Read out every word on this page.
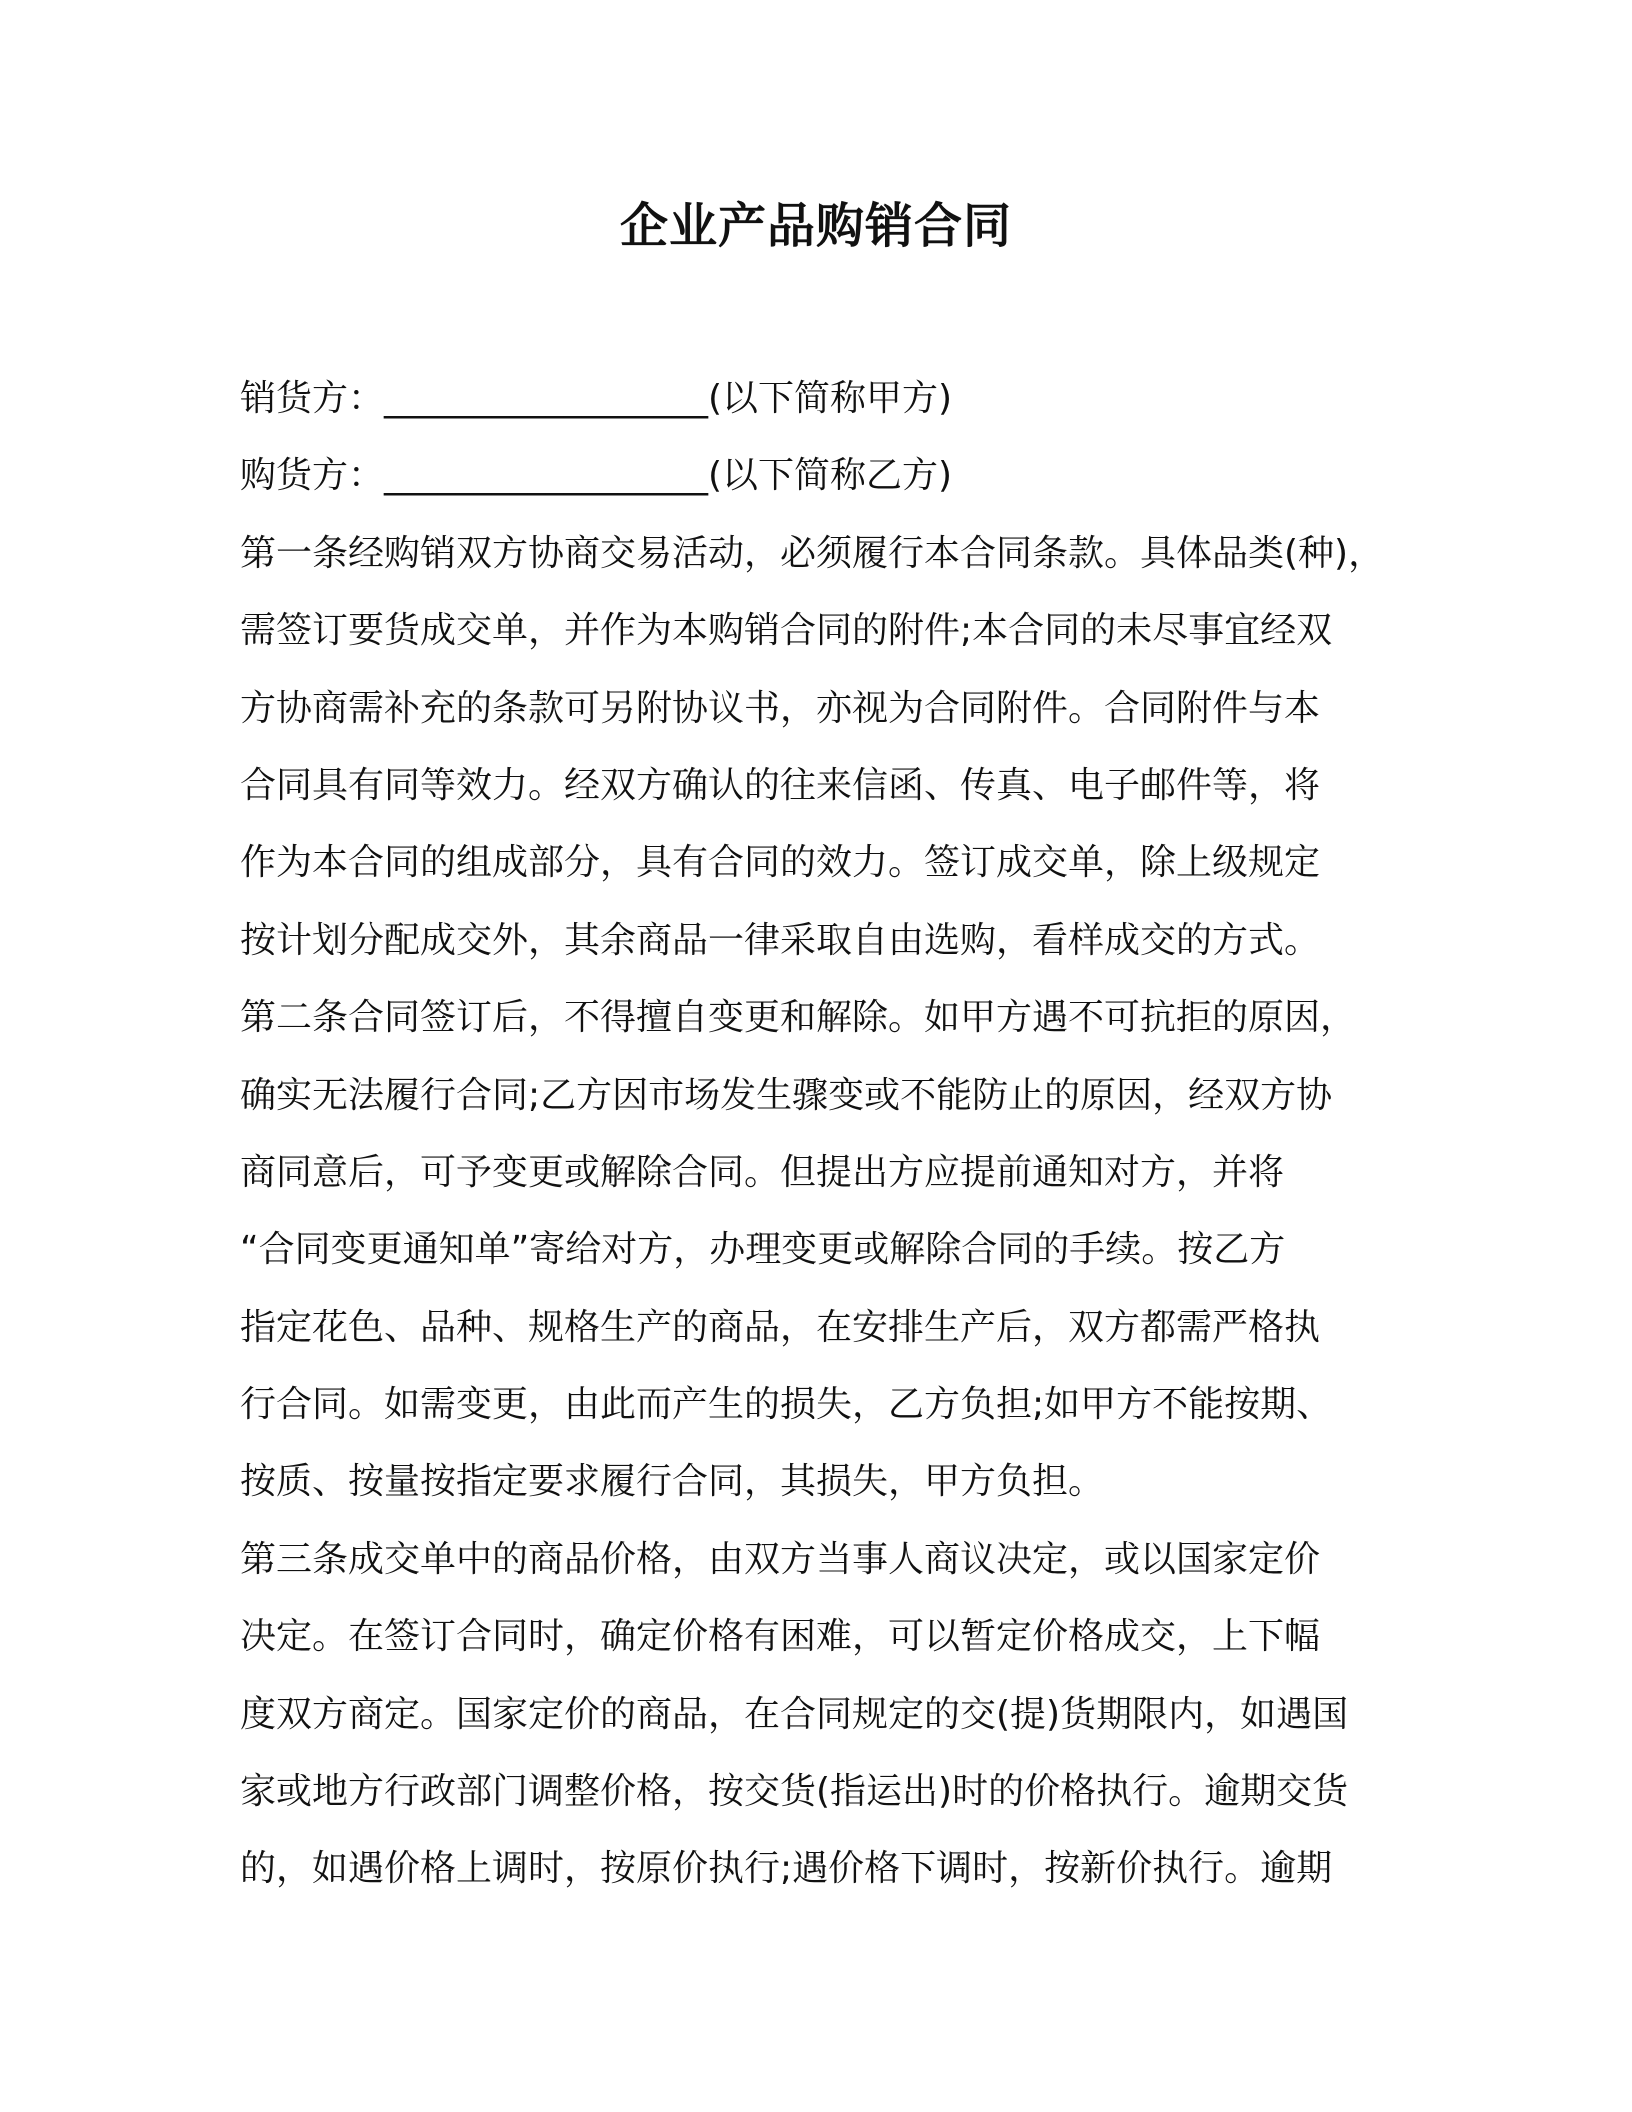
企业产品购销合同

销货方：__________________(以下简称甲方)

购货方：__________________(以下简称乙方)

第一条经购销双方协商交易活动，必须履行本合同条款。具体品类(种)，

需签订要货成交单，并作为本购销合同的附件;本合同的未尽事宜经双

方协商需补充的条款可另附协议书，亦视为合同附件。合同附件与本

合同具有同等效力。经双方确认的往来信函、传真、电子邮件等，将

作为本合同的组成部分，具有合同的效力。签订成交单，除上级规定

按计划分配成交外，其余商品一律采取自由选购，看样成交的方式。

第二条合同签订后，不得擅自变更和解除。如甲方遇不可抗拒的原因，

确实无法履行合同;乙方因市场发生骤变或不能防止的原因，经双方协

商同意后，可予变更或解除合同。但提出方应提前通知对方，并将

“合同变更通知单”寄给对方，办理变更或解除合同的手续。按乙方

指定花色、品种、规格生产的商品，在安排生产后，双方都需严格执

行合同。如需变更，由此而产生的损失，乙方负担;如甲方不能按期、

按质、按量按指定要求履行合同，其损失，甲方负担。

第三条成交单中的商品价格，由双方当事人商议决定，或以国家定价

决定。在签订合同时，确定价格有困难，可以暂定价格成交，上下幅

度双方商定。国家定价的商品，在合同规定的交(提)货期限内，如遇国

家或地方行政部门调整价格，按交货(指运出)时的价格执行。逾期交货

的，如遇价格上调时，按原价执行;遇价格下调时，按新价执行。逾期
